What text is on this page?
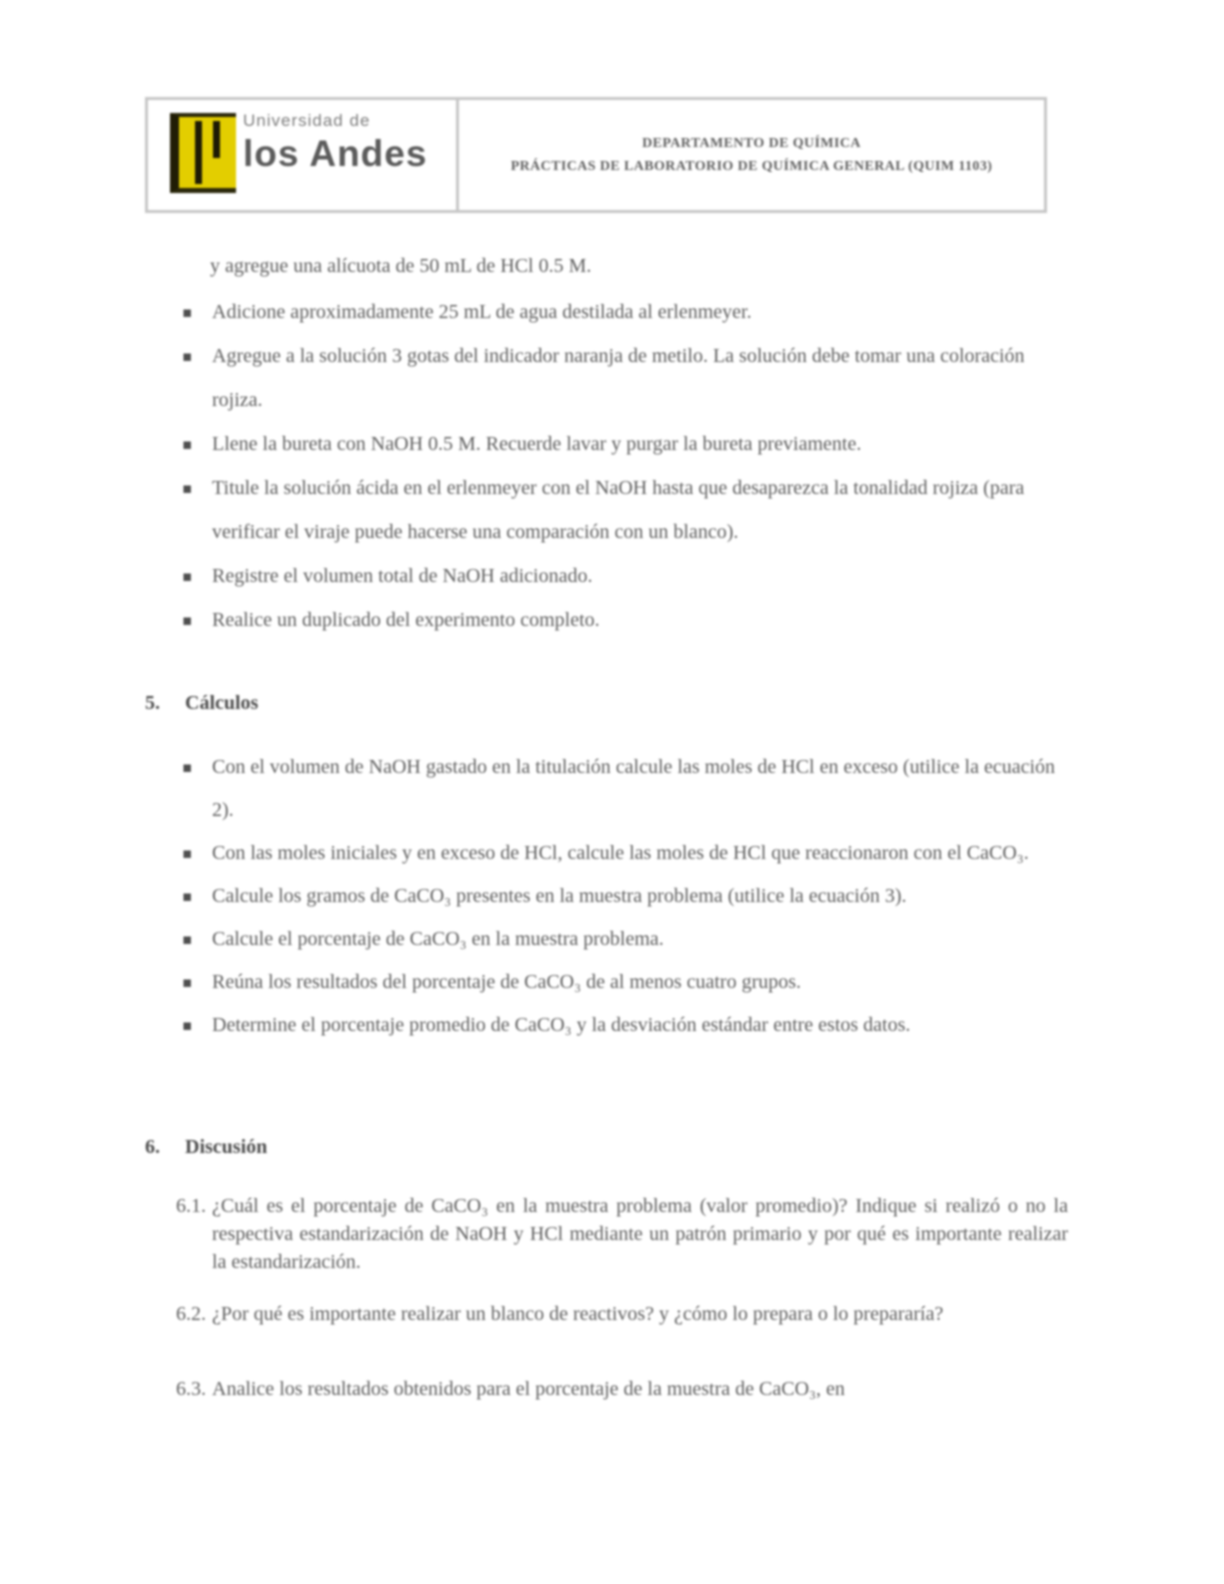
Universidad de
los Andes	DEPARTAMENTO DE QUÍMICA
PRÁCTICAS DE LABORATORIO DE QUÍMICA GENERAL (QUIM 1103)
y agregue una alícuota de 50 mL de HCl 0.5 M.
▪ Adicione aproximadamente 25 mL de agua destilada al erlenmeyer.
▪ Agregue a la solución 3 gotas del indicador naranja de metilo. La solución debe tomar una coloración rojiza.
▪ Llene la bureta con NaOH 0.5 M. Recuerde lavar y purgar la bureta previamente.
▪ Titule la solución ácida en el erlenmeyer con el NaOH hasta que desaparezca la tonalidad rojiza (para verificar el viraje puede hacerse una comparación con un blanco).
▪ Registre el volumen total de NaOH adicionado.
▪ Realice un duplicado del experimento completo.
5. Cálculos
▪ Con el volumen de NaOH gastado en la titulación calcule las moles de HCl en exceso (utilice la ecuación 2).
▪ Con las moles iniciales y en exceso de HCl, calcule las moles de HCl que reaccionaron con el CaCO₃.
▪ Calcule los gramos de CaCO₃ presentes en la muestra problema (utilice la ecuación 3).
▪ Calcule el porcentaje de CaCO₃ en la muestra problema.
▪ Reúna los resultados del porcentaje de CaCO₃ de al menos cuatro grupos.
▪ Determine el porcentaje promedio de CaCO₃ y la desviación estándar entre estos datos.
6. Discusión
6.1. ¿Cuál es el porcentaje de CaCO₃ en la muestra problema (valor promedio)? Indique si realizó o no la respectiva estandarización de NaOH y HCl mediante un patrón primario y por qué es importante realizar la estandarización.
6.2. ¿Por qué es importante realizar un blanco de reactivos? y ¿cómo lo prepara o lo prepararía?
6.3. Analice los resultados obtenidos para el porcentaje de la muestra de CaCO₃, en
